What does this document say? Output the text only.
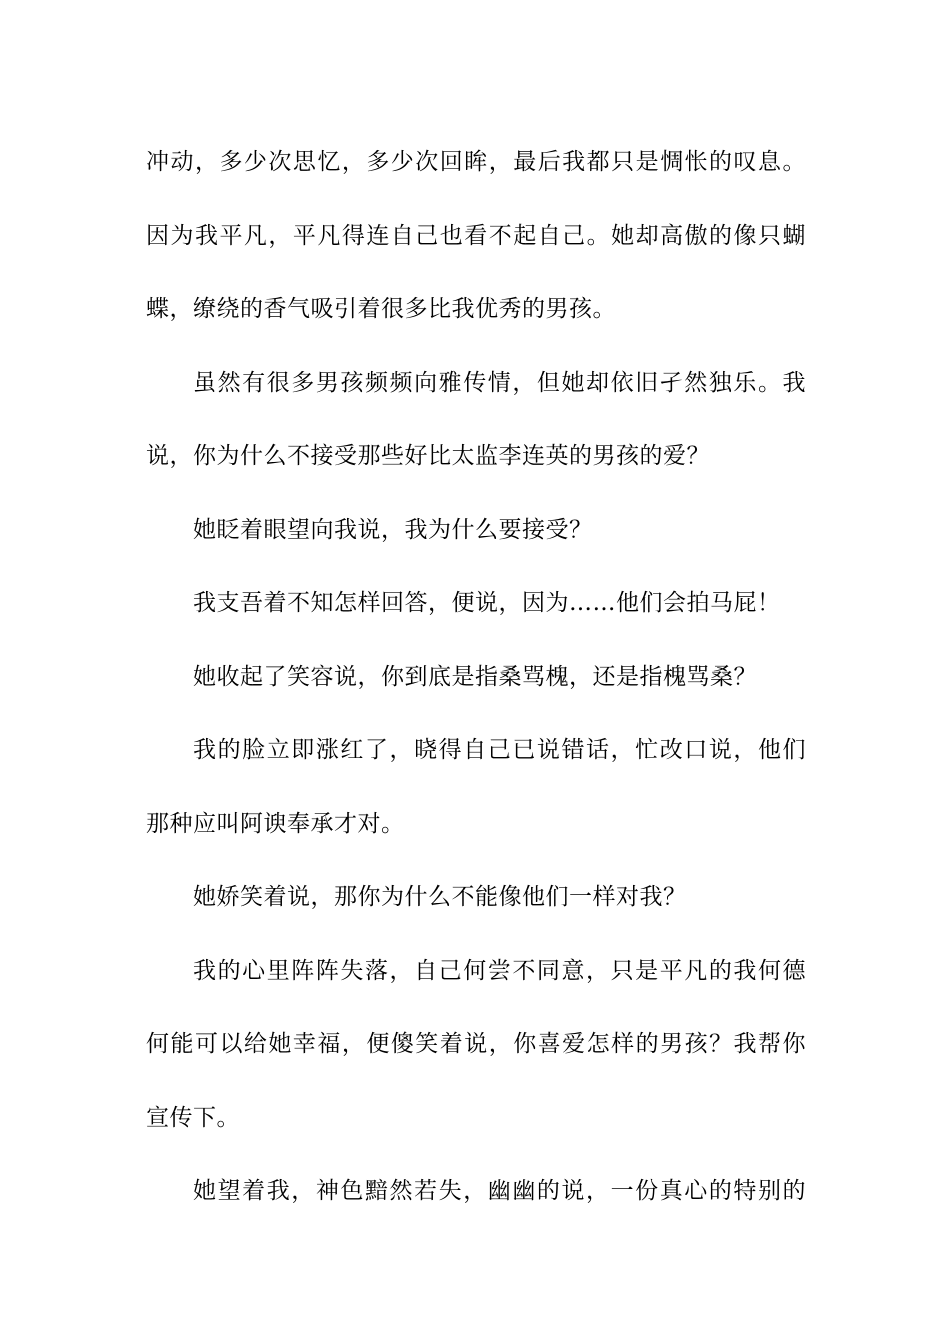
冲动，多少次思忆，多少次回眸，最后我都只是惆怅的叹息。
因为我平凡，平凡得连自己也看不起自己。她却高傲的像只蝴
蝶，缭绕的香气吸引着很多比我优秀的男孩。
虽然有很多男孩频频向雅传情，但她却依旧孑然独乐。我
说，你为什么不接受那些好比太监李连英的男孩的爱？
她眨着眼望向我说，我为什么要接受？
我支吾着不知怎样回答，便说，因为……他们会拍马屁！
她收起了笑容说，你到底是指桑骂槐，还是指槐骂桑？
我的脸立即涨红了，晓得自己已说错话，忙改口说，他们
那种应叫阿谀奉承才对。
她娇笑着说，那你为什么不能像他们一样对我？
我的心里阵阵失落，自己何尝不同意，只是平凡的我何德
何能可以给她幸福，便傻笑着说，你喜爱怎样的男孩？我帮你
宣传下。
她望着我，神色黯然若失，幽幽的说，一份真心的特别的
